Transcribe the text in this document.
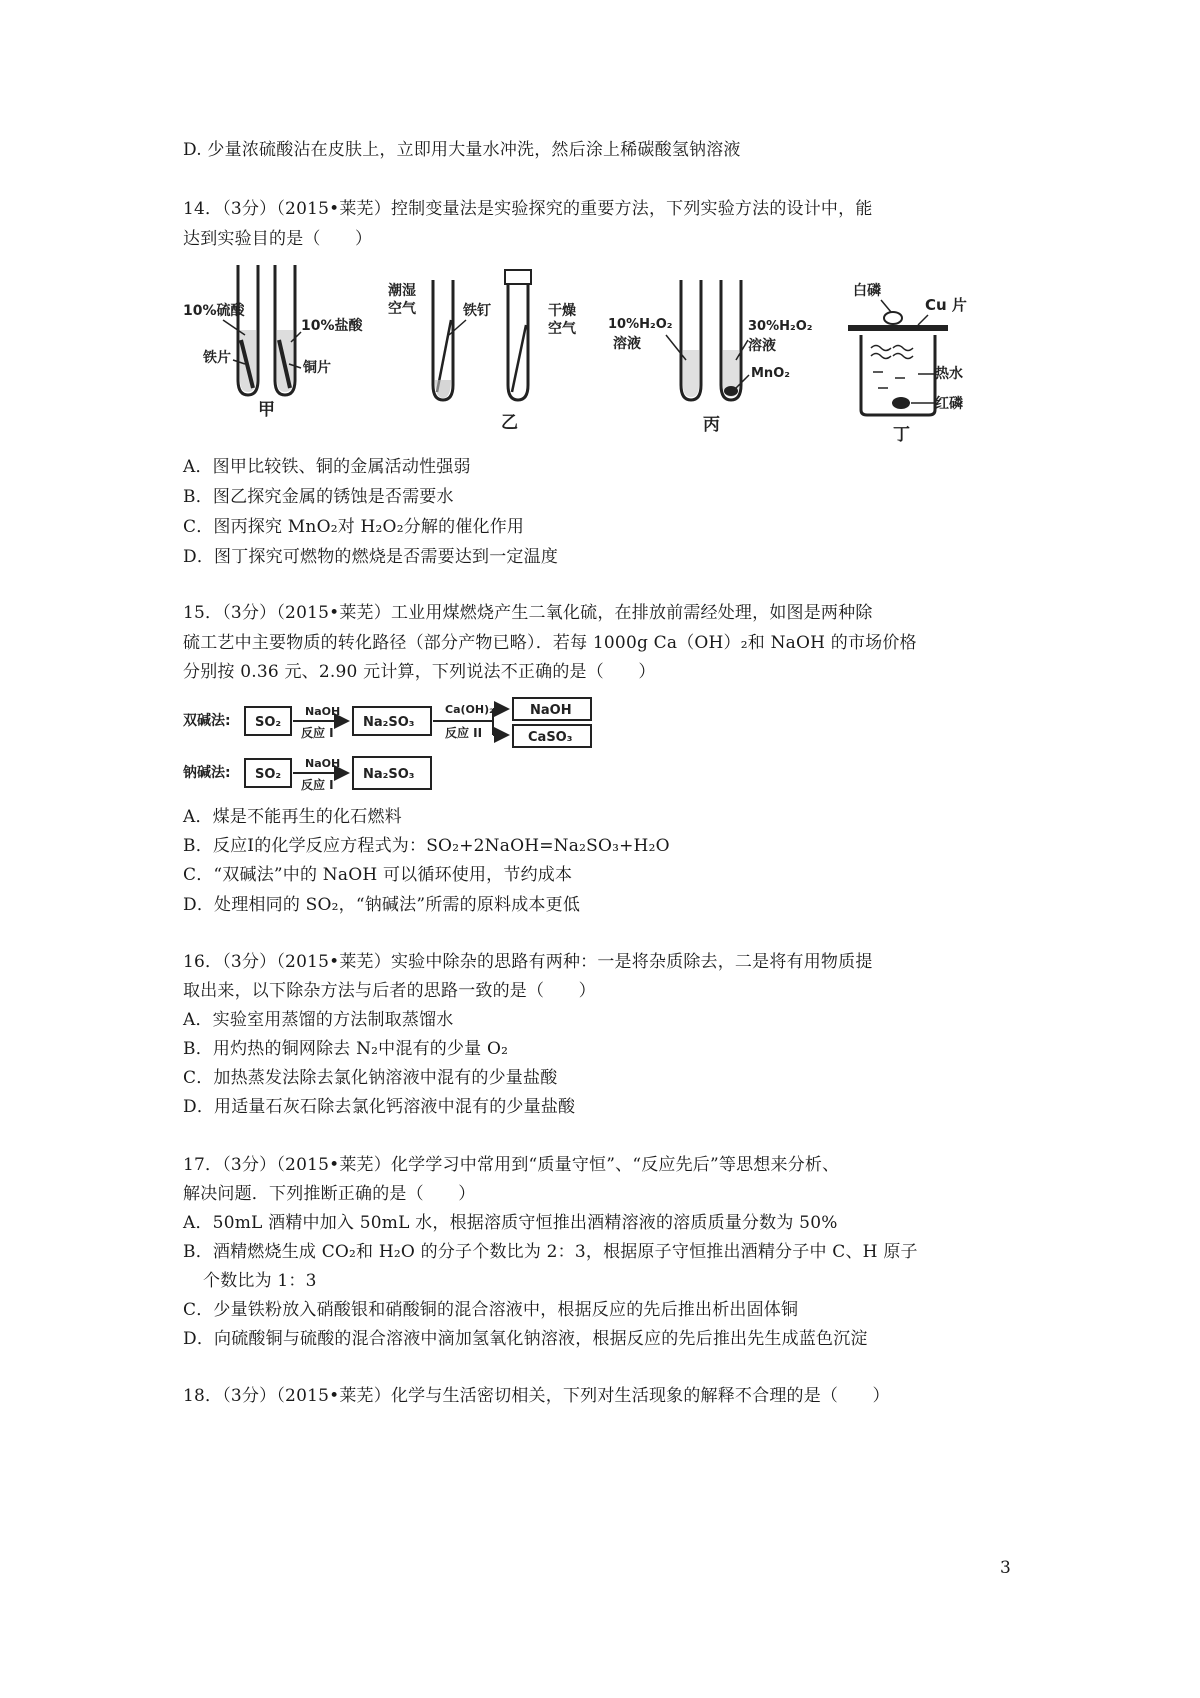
D. 少量浓硫酸沾在皮肤上，立即用大量水冲洗，然后涂上稀碳酸氢钠溶液
14．（3分）（2015•莱芜）控制变量法是实验探究的重要方法，下列实验方法的设计中，能
达到实验目的是（　　）
10%硫酸
10%盐酸
铁片
铜片
甲
潮湿
空气	铁钉	干燥
空气
乙
10%H₂O₂
溶液
30%H₂O₂
溶液
MnO₂
丙
白磷
Cu 片
热水
红磷
丁
A．图甲比较铁、铜的金属活动性强弱
B．图乙探究金属的锈蚀是否需要水
C．图丙探究 MnO₂对 H₂O₂分解的催化作用
D．图丁探究可燃物的燃烧是否需要达到一定温度
15．（3分）（2015•莱芜）工业用煤燃烧产生二氧化硫，在排放前需经处理，如图是两种除
硫工艺中主要物质的转化路径（部分产物已略）．若每 1000g Ca（OH）₂和 NaOH 的市场价格
分别按 0.36 元、2.90 元计算，下列说法不正确的是（　　）
双碱法: SO₂
NaOH
反应 I
Na₂SO₃
Ca(OH)₂
反应 II
NaOH
CaSO₃
钠碱法: SO₂
NaOH
反应 I
Na₂SO₃
A．煤是不能再生的化石燃料
B．反应Ⅰ的化学反应方程式为：SO₂+2NaOH=Na₂SO₃+H₂O
C．“双碱法”中的 NaOH 可以循环使用，节约成本
D．处理相同的 SO₂，“钠碱法”所需的原料成本更低
16．（3分）（2015•莱芜）实验中除杂的思路有两种：一是将杂质除去，二是将有用物质提
取出来，以下除杂方法与后者的思路一致的是（　　）
A．实验室用蒸馏的方法制取蒸馏水
B．用灼热的铜网除去 N₂中混有的少量 O₂
C．加热蒸发法除去氯化钠溶液中混有的少量盐酸
D．用适量石灰石除去氯化钙溶液中混有的少量盐酸
17．（3分）（2015•莱芜）化学学习中常用到“质量守恒”、“反应先后”等思想来分析、
解决问题．下列推断正确的是（　　）
A．50mL 酒精中加入 50mL 水，根据溶质守恒推出酒精溶液的溶质质量分数为 50%
B．酒精燃烧生成 CO₂和 H₂O 的分子个数比为 2：3，根据原子守恒推出酒精分子中 C、H 原子
个数比为 1：3
C．少量铁粉放入硝酸银和硝酸铜的混合溶液中，根据反应的先后推出析出固体铜
D．向硫酸铜与硫酸的混合溶液中滴加氢氧化钠溶液，根据反应的先后推出先生成蓝色沉淀
18．（3分）（2015•莱芜）化学与生活密切相关，下列对生活现象的解释不合理的是（　　）
3
